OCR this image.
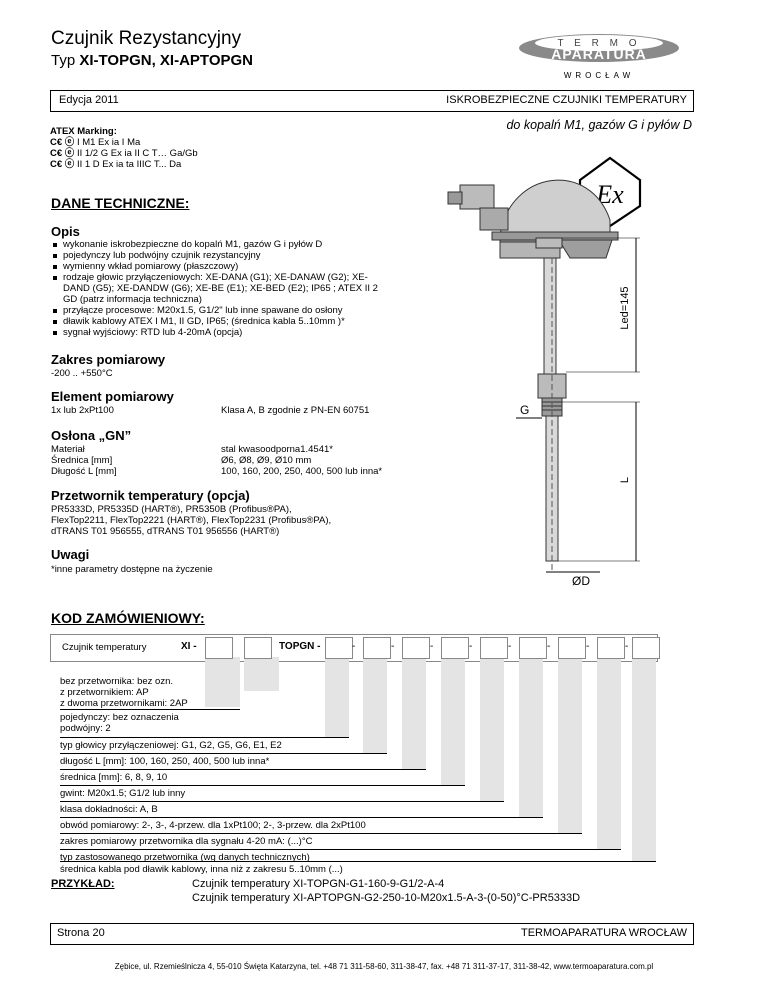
Czujnik Rezystancyjny
Typ XI-TOPGN, XI-APTOPGN
T E R M O
APARATURA
WROCŁAW
Edycja 2011	ISKROBEZPIECZNE CZUJNIKI TEMPERATURY
do kopalń M1, gazów G i pyłów D
ATEX Marking:
C€ ⓔ I M1 Ex ia I Ma
C€ ⓔ II 1/2 G Ex ia II C T… Ga/Gb
C€ ⓔ II 1 D Ex ia ta IIIC T... Da
DANE TECHNICZNE:
Opis
wykonanie iskrobezpieczne do kopalń M1, gazów G i pyłów D
pojedynczy lub podwójny czujnik rezystancyjny
wymienny wkład pomiarowy (płaszczowy)
rodzaje głowic przyłączeniowych: XE-DANA (G1); XE-DANAW (G2); XE-DAND (G5); XE-DANDW (G6); XE-BE (E1); XE-BED (E2); IP65 ; ATEX II 2 GD (patrz informacja techniczna)
przyłącze procesowe: M20x1.5, G1/2" lub inne spawane do osłony
dławik kablowy ATEX I M1, II GD, IP65; (średnica kabla 5..10mm )*
sygnał wyjściowy: RTD lub 4-20mA (opcja)
Zakres pomiarowy
-200 .. +550°C
Element pomiarowy
1x lub 2xPt100	Klasa A, B zgodnie z PN-EN 60751
Osłona „GN”
Materiał	stal kwasoodporna1.4541*
Średnica [mm]	Ø6, Ø8, Ø9, Ø10 mm
Długość L [mm]	100, 160, 200, 250, 400, 500 lub inna*
Przetwornik temperatury (opcja)
PR5333D, PR5335D (HART®), PR5350B (Profibus®PA),
FlexTop2211, FlexTop2221 (HART®), FlexTop2231 (Profibus®PA),
dTRANS T01 956555, dTRANS T01 956556 (HART®)
Uwagi
*inne parametry dostępne na życzenie
Ex
Led=145
L
G
ØD
KOD ZAMÓWIENIOWY:
Czujnik temperatury	XI -	TOPGN -	-	-	-	-	-	-	-	-
bez przetwornika: bez ozn.
z przetwornikiem: AP
z dwoma przetwornikami: 2AP
pojedynczy: bez oznaczenia
podwójny: 2
typ głowicy przyłączeniowej: G1, G2, G5, G6, E1, E2
długość L [mm]: 100, 160, 250, 400, 500 lub inna*
średnica [mm]: 6, 8, 9, 10
gwint: M20x1.5; G1/2 lub inny
klasa dokładności: A, B
obwód pomiarowy: 2-, 3-, 4-przew. dla 1xPt100; 2-, 3-przew. dla 2xPt100
zakres pomiarowy przetwornika dla sygnału 4-20 mA: (...)°C
typ zastosowanego przetwornika (wg danych technicznych)
średnica kabla pod dławik kablowy, inna niż z zakresu 5..10mm (...)
PRZYKŁAD:	Czujnik temperatury XI-TOPGN-G1-160-9-G1/2-A-4
Czujnik temperatury XI-APTOPGN-G2-250-10-M20x1.5-A-3-(0-50)°C-PR5333D
Strona 20	TERMOAPARATURA WROCŁAW
Zębice, ul. Rzemieślnicza 4, 55-010 Święta Katarzyna, tel. +48 71 311-58-60, 311-38-47, fax. +48 71 311-37-17, 311-38-42, www.termoaparatura.com.pl
